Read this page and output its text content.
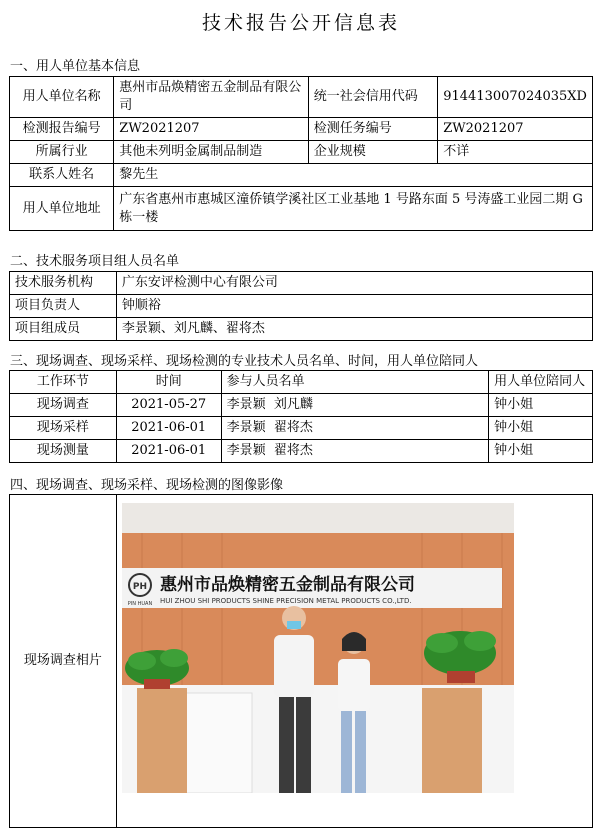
技术报告公开信息表
一、用人单位基本信息
用人单位名称	惠州市品焕精密五金制品有限公司	统一社会信用代码	914413007024035XD
检测报告编号	ZW2021207	检测任务编号	ZW2021207
所属行业	其他未列明金属制品制造	企业规模	不详
联系人姓名	黎先生		
用人单位地址	广东省惠州市惠城区潼侨镇学溪社区工业基地 1 号路东面 5 号涛盛工业园二期 G 栋一楼		
二、技术服务项目组人员名单
技术服务机构	广东安评检测中心有限公司
项目负责人	钟顺裕
项目组成员	李景颖、刘凡麟、翟将杰
三、现场调查、现场采样、现场检测的专业技术人员名单、时间，用人单位陪同人
工作环节	时间	参与人员名单	用人单位陪同人
现场调查	2021-05-27	李景颖  刘凡麟	钟小姐
现场采样	2021-06-01	李景颖  翟将杰	钟小姐
现场测量	2021-06-01	李景颖  翟将杰	钟小姐
四、现场调查、现场采样、现场检测的图像影像
现场调查相片	
PH
PIN HUAN
惠州市品焕精密五金制品有限公司
HUI ZHOU SHI PRODUCTS SHINE PRECISION METAL PRODUCTS CO.,LTD.
